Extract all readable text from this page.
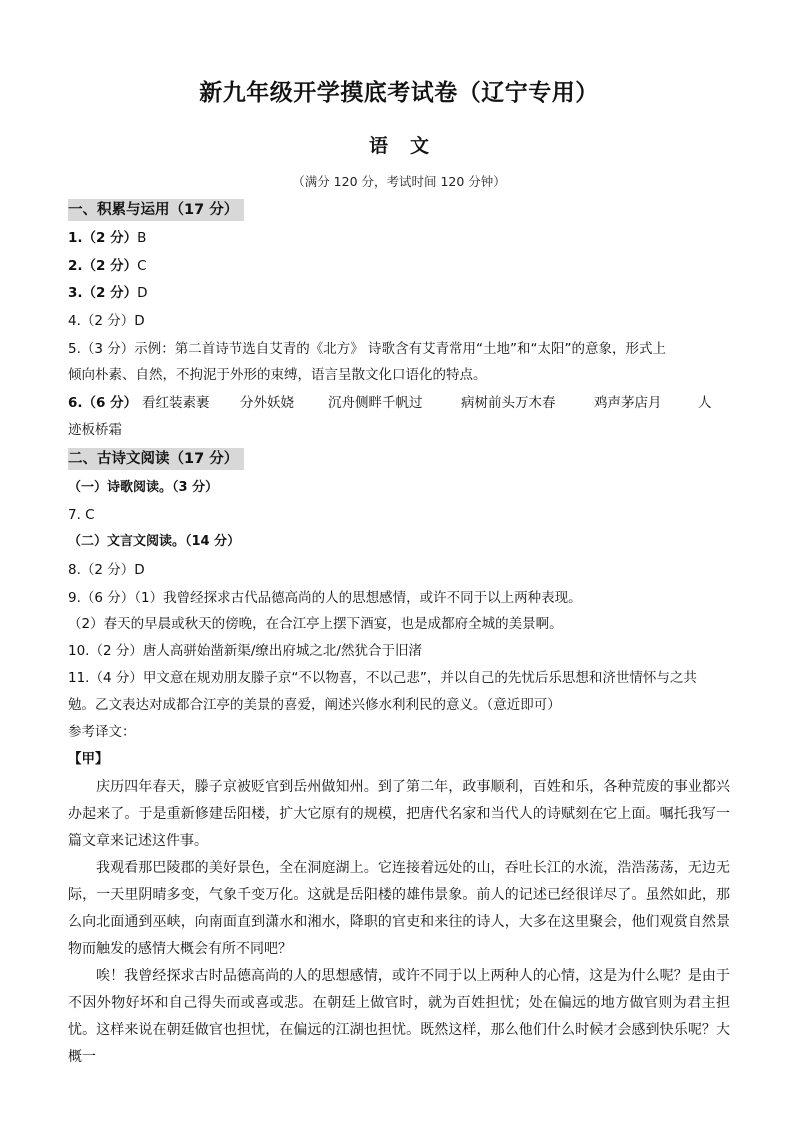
新九年级开学摸底考试卷（辽宁专用）
语 文
（满分 120 分，考试时间 120 分钟）
一、积累与运用（17 分）
1.（2 分）B
2.（2 分）C
3.（2 分）D
4.（2 分）D
5.（3 分）示例：第二首诗节选自艾青的《北方》 诗歌含有艾青常用“土地”和“太阳”的意象，形式上
倾向朴素、自然，不拘泥于外形的束缚，语言呈散文化口语化的特点。
6.（6 分） 看红装素裹 分外妖娆	沉舟侧畔千帆过	病树前头万木春	鸡声茅店月	人
迹板桥霜
二、古诗文阅读（17 分）
（一）诗歌阅读。（3 分）
7. C
（二）文言文阅读。（14 分）
8.（2 分）D
9.（6 分）（1）我曾经探求古代品德高尚的人的思想感情，或许不同于以上两种表现。
（2）春天的早晨或秋天的傍晚，在合江亭上摆下酒宴，也是成都府全城的美景啊。
10.（2 分）唐人高骈始凿新渠/缭出府城之北/然犹合于旧渚
11.（4 分）甲文意在规劝朋友滕子京“不以物喜，不以己悲”，并以自己的先忧后乐思想和济世情怀与之共
勉。乙文表达对成都合江亭的美景的喜爱，阐述兴修水利利民的意义。（意近即可）
参考译文：
【甲】

庆历四年春天，滕子京被贬官到岳州做知州。到了第二年，政事顺利，百姓和乐，各种荒废的事业都兴办起来了。于是重新修建岳阳楼，扩大它原有的规模，把唐代名家和当代人的诗赋刻在它上面。嘱托我写一篇文章来记述这件事。

我观看那巴陵郡的美好景色，全在洞庭湖上。它连接着远处的山，吞吐长江的水流，浩浩荡荡，无边无际，一天里阴晴多变，气象千变万化。这就是岳阳楼的雄伟景象。前人的记述已经很详尽了。虽然如此，那么向北面通到巫峡，向南面直到潇水和湘水，降职的官吏和来往的诗人，大多在这里聚会，他们观赏自然景物而触发的感情大概会有所不同吧？

唉！我曾经探求古时品德高尚的人的思想感情，或许不同于以上两种人的心情，这是为什么呢？是由于不因外物好坏和自己得失而或喜或悲。在朝廷上做官时，就为百姓担忧；处在偏远的地方做官则为君主担忧。这样来说在朝廷做官也担忧，在偏远的江湖也担忧。既然这样，那么他们什么时候才会感到快乐呢？大概一
